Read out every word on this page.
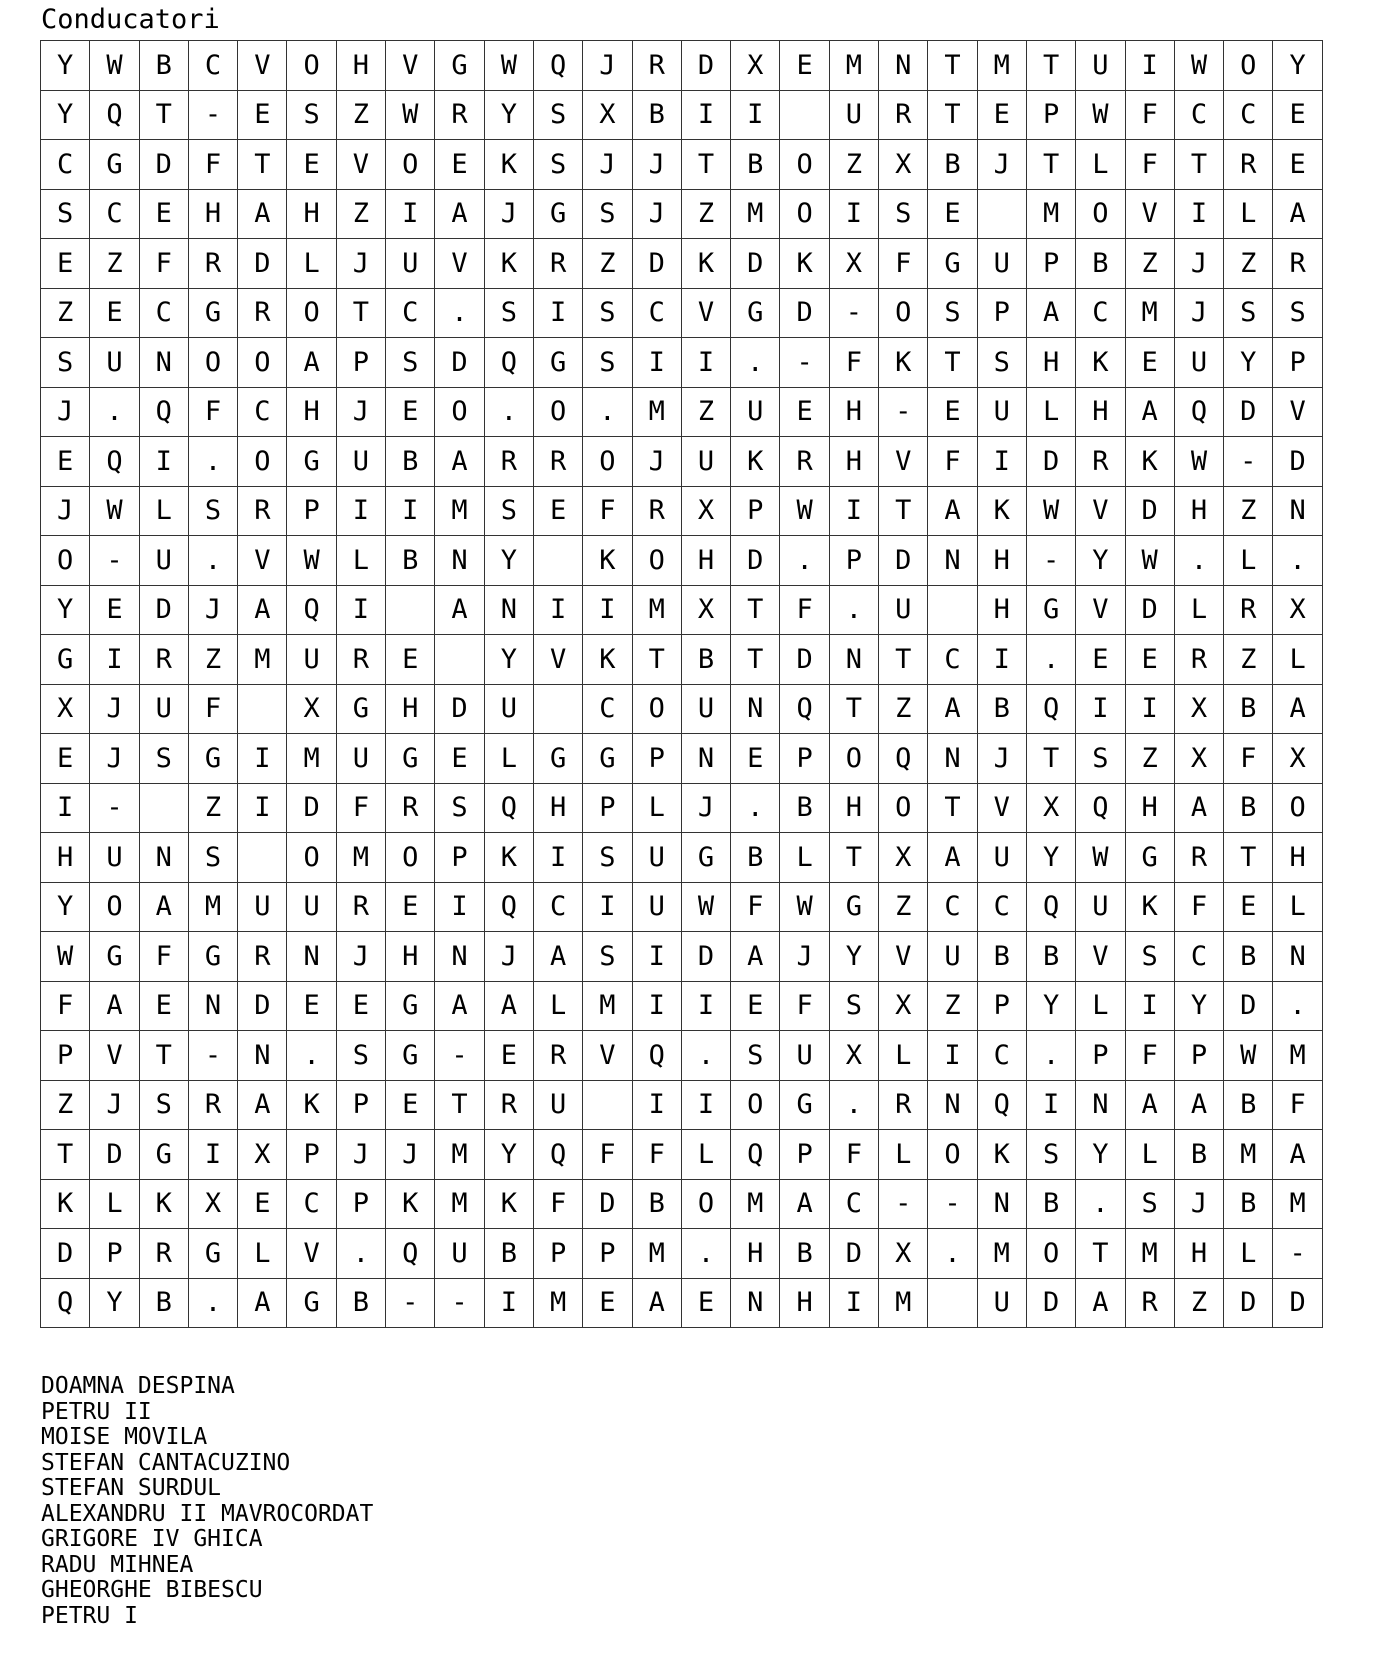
Conducatori
Y	W	B	C	V	O	H	V	G	W	Q	J	R	D	X	E	M	N	T	M	T	U	I	W	O	Y
Y	Q	T	-	E	S	Z	W	R	Y	S	X	B	I	I		U	R	T	E	P	W	F	C	C	E
C	G	D	F	T	E	V	O	E	K	S	J	J	T	B	O	Z	X	B	J	T	L	F	T	R	E
S	C	E	H	A	H	Z	I	A	J	G	S	J	Z	M	O	I	S	E		M	O	V	I	L	A
E	Z	F	R	D	L	J	U	V	K	R	Z	D	K	D	K	X	F	G	U	P	B	Z	J	Z	R
Z	E	C	G	R	O	T	C	.	S	I	S	C	V	G	D	-	O	S	P	A	C	M	J	S	S
S	U	N	O	O	A	P	S	D	Q	G	S	I	I	.	-	F	K	T	S	H	K	E	U	Y	P
J	.	Q	F	C	H	J	E	O	.	O	.	M	Z	U	E	H	-	E	U	L	H	A	Q	D	V
E	Q	I	.	O	G	U	B	A	R	R	O	J	U	K	R	H	V	F	I	D	R	K	W	-	D
J	W	L	S	R	P	I	I	M	S	E	F	R	X	P	W	I	T	A	K	W	V	D	H	Z	N
O	-	U	.	V	W	L	B	N	Y		K	O	H	D	.	P	D	N	H	-	Y	W	.	L	.
Y	E	D	J	A	Q	I		A	N	I	I	M	X	T	F	.	U		H	G	V	D	L	R	X
G	I	R	Z	M	U	R	E		Y	V	K	T	B	T	D	N	T	C	I	.	E	E	R	Z	L
X	J	U	F		X	G	H	D	U		C	O	U	N	Q	T	Z	A	B	Q	I	I	X	B	A
E	J	S	G	I	M	U	G	E	L	G	G	P	N	E	P	O	Q	N	J	T	S	Z	X	F	X
I	-		Z	I	D	F	R	S	Q	H	P	L	J	.	B	H	O	T	V	X	Q	H	A	B	O
H	U	N	S		O	M	O	P	K	I	S	U	G	B	L	T	X	A	U	Y	W	G	R	T	H
Y	O	A	M	U	U	R	E	I	Q	C	I	U	W	F	W	G	Z	C	C	Q	U	K	F	E	L
W	G	F	G	R	N	J	H	N	J	A	S	I	D	A	J	Y	V	U	B	B	V	S	C	B	N
F	A	E	N	D	E	E	G	A	A	L	M	I	I	E	F	S	X	Z	P	Y	L	I	Y	D	.
P	V	T	-	N	.	S	G	-	E	R	V	Q	.	S	U	X	L	I	C	.	P	F	P	W	M
Z	J	S	R	A	K	P	E	T	R	U		I	I	O	G	.	R	N	Q	I	N	A	A	B	F
T	D	G	I	X	P	J	J	M	Y	Q	F	F	L	Q	P	F	L	O	K	S	Y	L	B	M	A
K	L	K	X	E	C	P	K	M	K	F	D	B	O	M	A	C	-	-	N	B	.	S	J	B	M
D	P	R	G	L	V	.	Q	U	B	P	P	M	.	H	B	D	X	.	M	O	T	M	H	L	-
Q	Y	B	.	A	G	B	-	-	I	M	E	A	E	N	H	I	M		U	D	A	R	Z	D	D
DOAMNA DESPINA
PETRU II
MOISE MOVILA
STEFAN CANTACUZINO
STEFAN SURDUL
ALEXANDRU II MAVROCORDAT
GRIGORE IV GHICA
RADU MIHNEA
GHEORGHE BIBESCU
PETRU I
